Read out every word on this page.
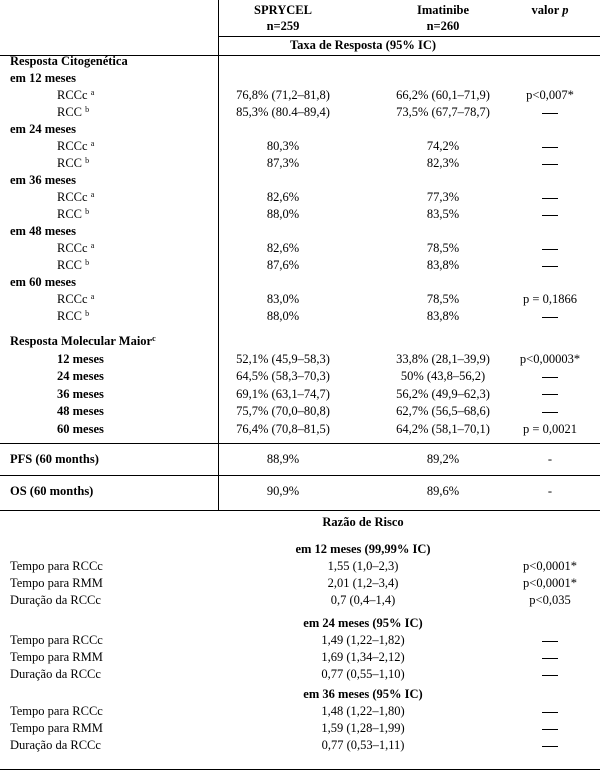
SPRYCEL	Imatinibe	valor p
n=259	n=260
Taxa de Resposta (95% IC)
Resposta Citogenética
em 12 meses
RCCc $^a$	76,8% (71,2–81,8)	66,2% (60,1–71,9)	p<0,007*
RCC $^b$	85,3% (80.4–89,4)	73,5% (67,7–78,7)
em 24 meses
RCCc $^a$	80,3%	74,2%
RCC $^b$	87,3%	82,3%
em 36 meses
RCCc $^a$	82,6%	77,3%
RCC $^b$	88,0%	83,5%
em 48 meses
RCCc $^a$	82,6%	78,5%
RCC $^b$	87,6%	83,8%
em 60 meses
RCCc $^a$	83,0%	78,5%	p = 0,1866
RCC $^b$	88,0%	83,8%
Resposta Molecular Maior$^c$
12 meses	52,1% (45,9–58,3)	33,8% (28,1–39,9)	p<0,00003*
24 meses	64,5% (58,3–70,3)	50% (43,8–56,2)
36 meses	69,1% (63,1–74,7)	56,2% (49,9–62,3)
48 meses	75,7% (70,0–80,8)	62,7% (56,5–68,6)
60 meses	76,4% (70,8–81,5)	64,2% (58,1–70,1)	p = 0,0021
PFS (60 months)	88,9%	89,2%	-
OS (60 months)	90,9%	89,6%	-
Razão de Risco
em 12 meses (99,99% IC)
Tempo para RCCc	1,55 (1,0–2,3)	p<0,0001*
Tempo para RMM	2,01 (1,2–3,4)	p<0,0001*
Duração da RCCc	0,7 (0,4–1,4)	p<0,035
em 24 meses (95% IC)
Tempo para RCCc	1,49 (1,22–1,82)
Tempo para RMM	1,69 (1,34–2,12)
Duração da RCCc	0,77 (0,55–1,10)
em 36 meses (95% IC)
Tempo para RCCc	1,48 (1,22–1,80)
Tempo para RMM	1,59 (1,28–1,99)
Duração da RCCc	0,77 (0,53–1,11)
